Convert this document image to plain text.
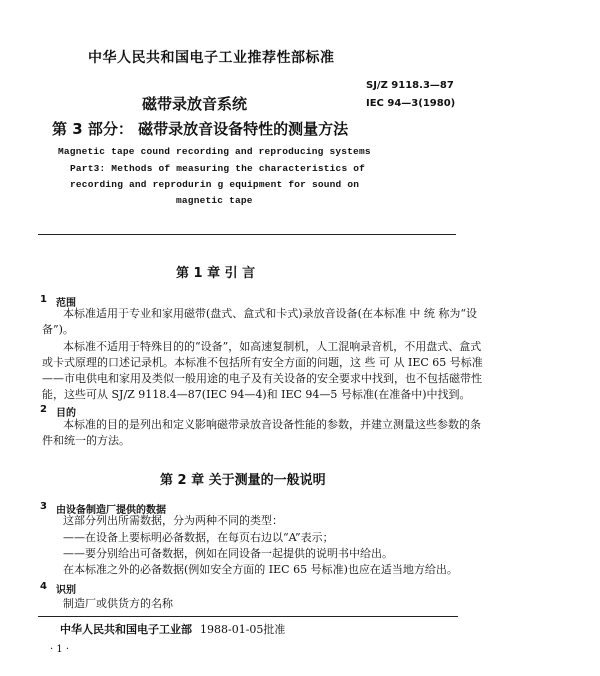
中华人民共和国电子工业推荐性部标准
SJ/Z 9118.3—87
IEC 94—3(1980)
磁带录放音系统
第 3 部分： 磁带录放音设备特性的测量方法
Magnetic tape cound recording and reproducing systems
Part3: Methods of measuring the characteristics of
recording and reprodurin g equipment for sound on
magnetic tape
第 1 章 引 言
1 范围
本标准适用于专业和家用磁带(盘式、盒式和卡式)录放音设备(在本标准 中 统 称为“设
备”)。
本标准不适用于特殊目的的“设备”，如高速复制机，人工混响录音机，不用盘式、盒式
或卡式原理的口述记录机。本标准不包括所有安全方面的问题，这 些 可 从 IEC 65 号标准
——市电供电和家用及类似一般用途的电子及有关设备的安全要求中找到，也不包括磁带性
能，这些可从 SJ/Z 9118.4—87(IEC 94—4)和 IEC 94—5 号标准(在准备中)中找到。
2 目的
本标准的目的是列出和定义影响磁带录放音设备性能的参数，并建立测量这些参数的条
件和统一的方法。
第 2 章 关于测量的一般说明
3 由设备制造厂提供的数据
这部分列出所需数据，分为两种不同的类型：
——在设备上要标明必备数据，在每页右边以“A”表示；
——要分别给出可备数据，例如在同设备一起提供的说明书中给出。
在本标准之外的必备数据(例如安全方面的 IEC 65 号标准)也应在适当地方给出。
4 识别
制造厂或供货方的名称
中华人民共和国电子工业部 1988-01-05批准
· 1 ·
